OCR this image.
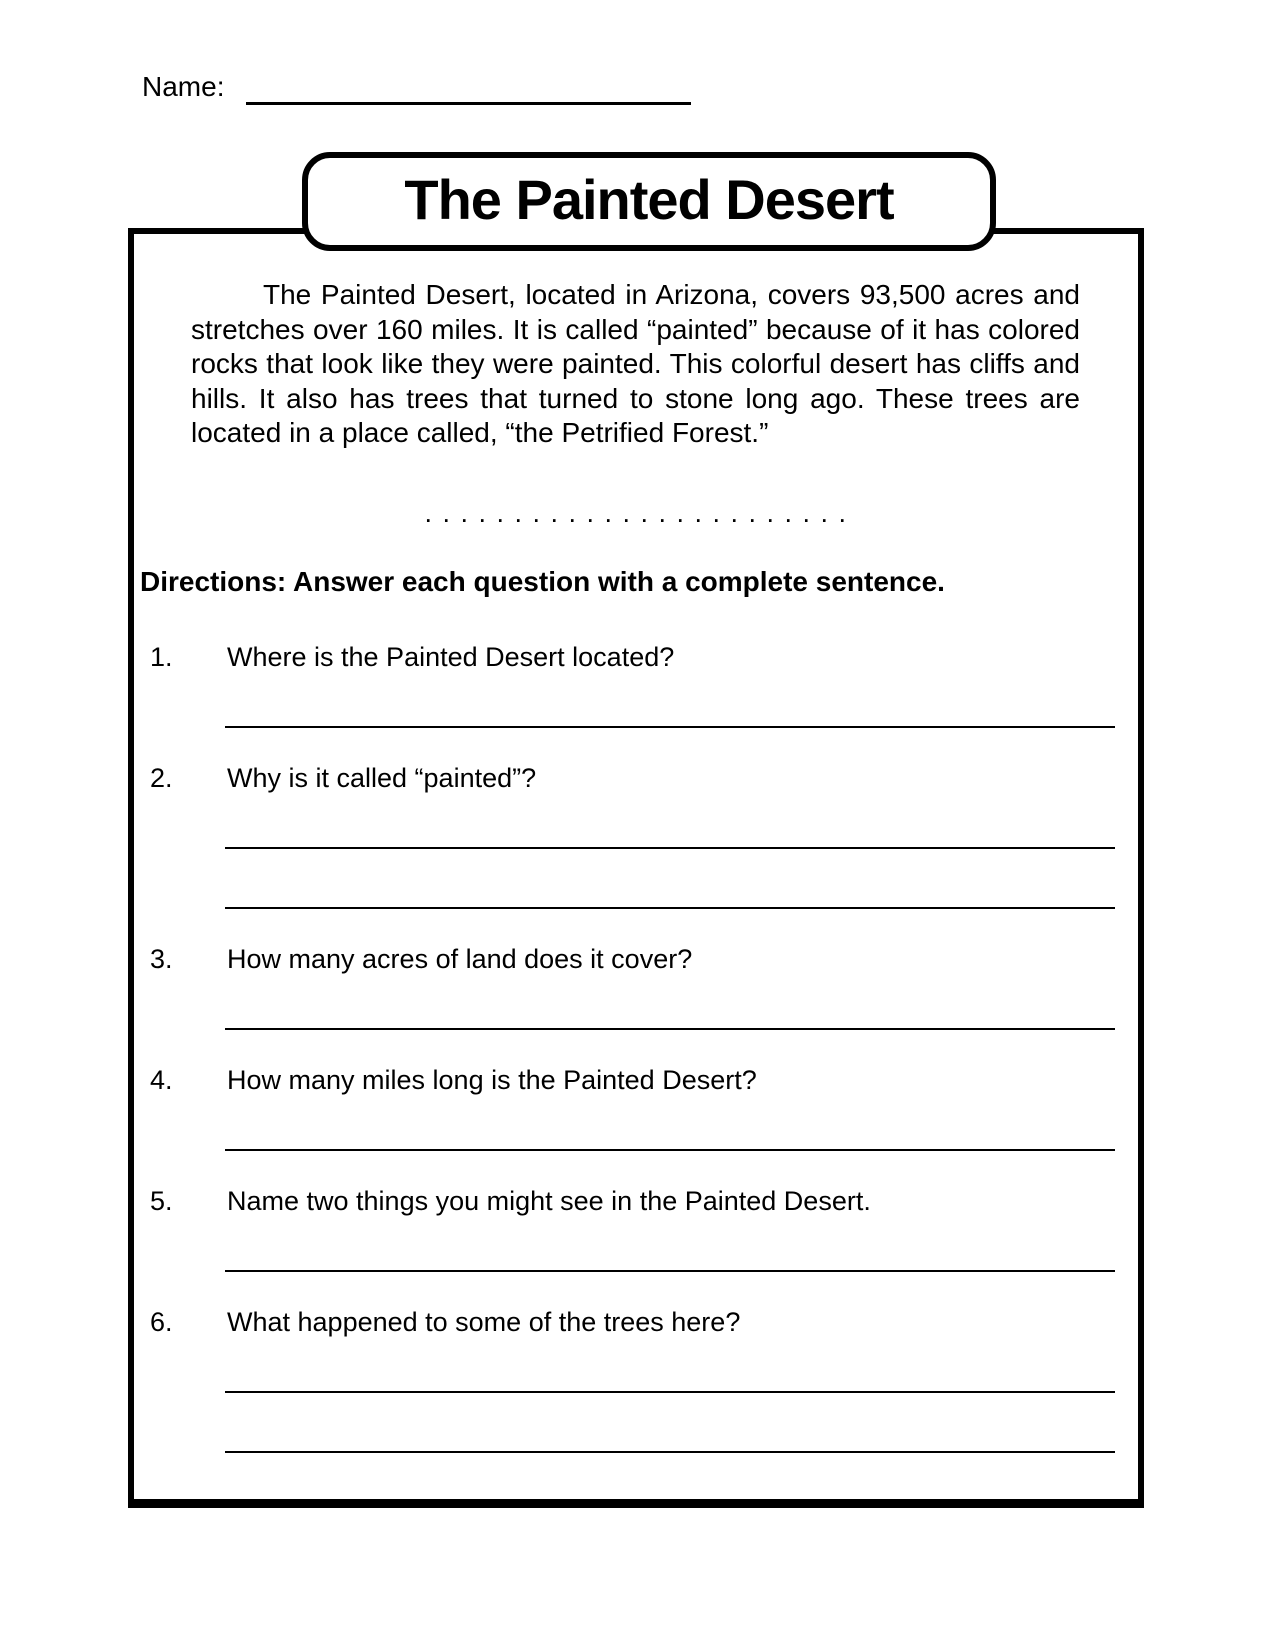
Name:
The Painted Desert

The Painted Desert, located in Arizona, covers 93,500 acres and stretches over 160 miles. It is called “painted” because of it has colored rocks that look like they were painted. This colorful desert has cliffs and hills. It also has trees that turned to stone long ago. These trees are located in a place called, “the Petrified Forest.”

. . . . . . . . . . . . . . . . . . . . . . . .
Directions: Answer each question with a complete sentence.
1.	Where is the Painted Desert located?
2.	Why is it called “painted”?
3.	How many acres of land does it cover?
4.	How many miles long is the Painted Desert?
5.	Name two things you might see in the Painted Desert.
6.	What happened to some of the trees here?
